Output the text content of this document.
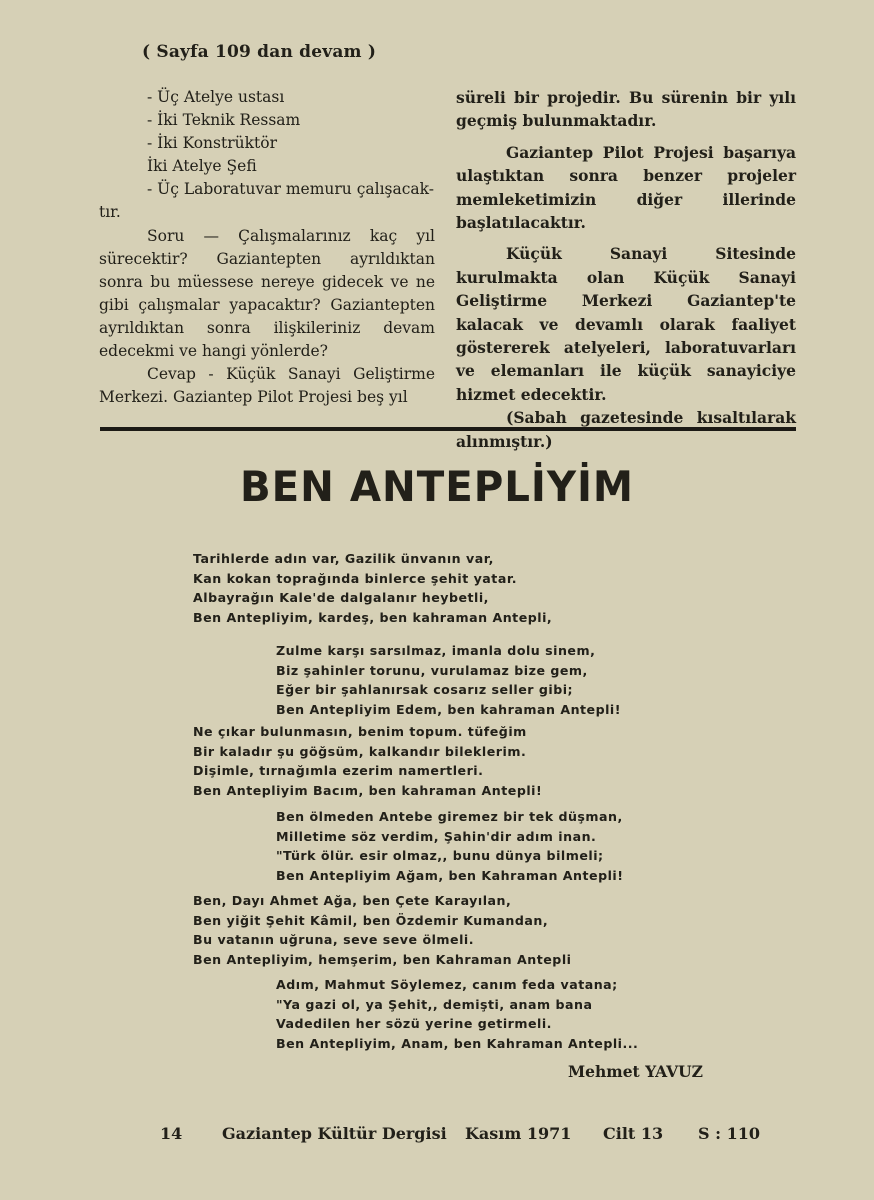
( Sayfa 109 dan devam )

- Üç Atelye ustası

- İki Teknik Ressam

- İki Konstrüktör

İki Atelye Şefi

- Üç Laboratuvar memuru çalışacak-

tır.

Soru — Çalışmalarınız kaç yıl sürecektir? Gaziantepten ayrıldıktan sonra bu müessese nereye gidecek ve ne gibi çalışmalar yapacaktır? Gaziantepten ayrıldıktan sonra ilişkileriniz devam edecekmi ve hangi yönlerde?

Cevap - Küçük Sanayi Geliştirme Merkezi. Gaziantep Pilot Projesi beş yıl

süreli bir projedir. Bu sürenin bir yılı geçmiş bulunmaktadır.

Gaziantep Pilot Projesi başarıya ulaştıktan sonra benzer projeler memleketimizin diğer illerinde başlatılacaktır.

Küçük Sanayi Sitesinde kurulmakta olan Küçük Sanayi Geliştirme Merkezi Gaziantep'te kalacak ve devamlı olarak faaliyet göstererek atelyeleri, laboratuvarları ve elemanları ile küçük sanayiciye hizmet edecektir.

(Sabah gazetesinde kısaltılarak alınmıştır.)

BEN ANTEPLİYİM
Tarihlerde adın var, Gazilik ünvanın var,
Kan kokan toprağında binlerce şehit yatar.
Albayrağın Kale'de dalgalanır heybetli,
Ben Antepliyim, kardeş, ben kahraman Antepli,
Zulme karşı sarsılmaz, imanla dolu sinem,
Biz şahinler torunu, vurulamaz bize gem,
Eğer bir şahlanırsak cosarız seller gibi;
Ben Antepliyim Edem, ben kahraman Antepli!
Ne çıkar bulunmasın, benim topum. tüfeğim
Bir kaladır şu göğsüm, kalkandır bileklerim.
Dişimle, tırnağımla ezerim namertleri.
Ben Antepliyim Bacım, ben kahraman Antepli!
Ben ölmeden Antebe giremez bir tek düşman,
Milletime söz verdim, Şahin'dir adım inan.
"Türk ölür. esir olmaz,, bunu dünya bilmeli;
Ben Antepliyim Ağam, ben Kahraman Antepli!
Ben, Dayı Ahmet Ağa, ben Çete Karayılan,
Ben yiğit Şehit Kâmil, ben Özdemir Kumandan,
Bu vatanın uğruna, seve seve ölmeli.
Ben Antepliyim, hemşerim, ben Kahraman Antepli
Adım, Mahmut Söylemez, canım feda vatana;
"Ya gazi ol, ya Şehit,, demişti, anam bana
Vadedilen her sözü yerine getirmeli.
Ben Antepliyim, Anam, ben Kahraman Antepli...
Mehmet YAVUZ
14 Gaziantep Kültür Dergisi Kasım 1971 Cilt 13 S : 110
